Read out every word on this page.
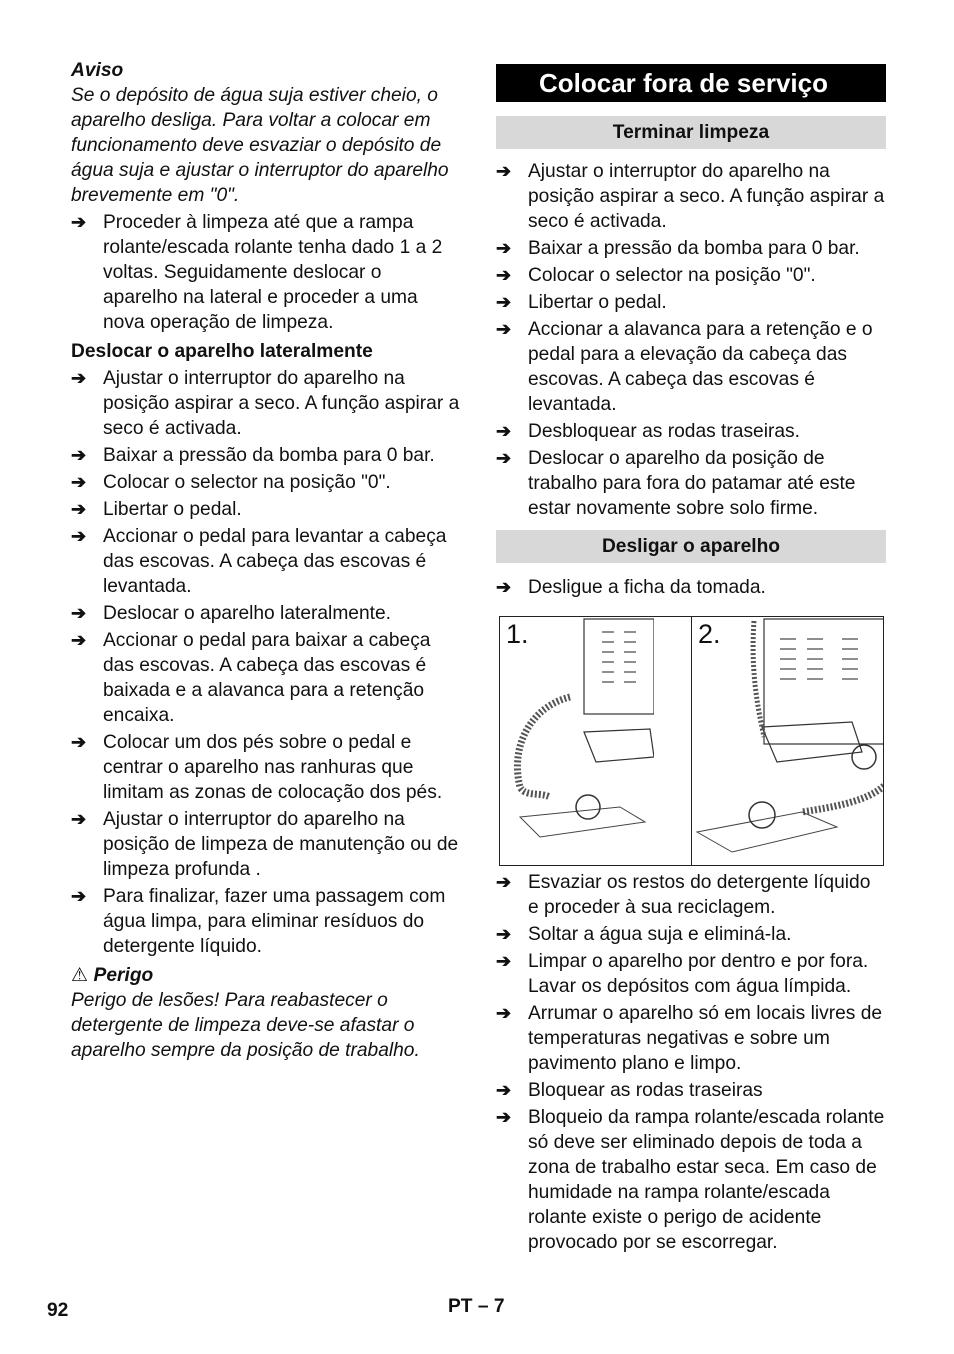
Aviso

Se o depósito de água suja estiver cheio, o aparelho desliga. Para voltar a colocar em funcionamento deve esvaziar o depósito de água suja e ajustar o interruptor do aparelho brevemente em "0".

➔ Proceder à limpeza até que a rampa rolante/escada rolante tenha dado 1 a 2 voltas. Seguidamente deslocar o aparelho na lateral e proceder a uma nova operação de limpeza.

Deslocar o aparelho lateralmente

➔ Ajustar o interruptor do aparelho na posição aspirar a seco. A função aspirar a seco é activada.
➔ Baixar a pressão da bomba para 0 bar.
➔ Colocar o selector na posição "0".
➔ Libertar o pedal.
➔ Accionar o pedal para levantar a cabeça das escovas. A cabeça das escovas é levantada.
➔ Deslocar o aparelho lateralmente.
➔ Accionar o pedal para baixar a cabeça das escovas. A cabeça das escovas é baixada e a alavanca para a retenção encaixa.
➔ Colocar um dos pés sobre o pedal e centrar o aparelho nas ranhuras que limitam as zonas de colocação dos pés.
➔ Ajustar o interruptor do aparelho na posição de limpeza de manutenção ou de limpeza profunda .
➔ Para finalizar, fazer uma passagem com água limpa, para eliminar resíduos do detergente líquido.

⚠ Perigo

Perigo de lesões! Para reabastecer o detergente de limpeza deve-se afastar o aparelho sempre da posição de trabalho.

Colocar fora de serviço
Terminar limpeza
➔ Ajustar o interruptor do aparelho na posição aspirar a seco. A função aspirar a seco é activada.
➔ Baixar a pressão da bomba para 0 bar.
➔ Colocar o selector na posição "0".
➔ Libertar o pedal.
➔ Accionar a alavanca para a retenção e o pedal para a elevação da cabeça das escovas. A cabeça das escovas é levantada.
➔ Desbloquear as rodas traseiras.
➔ Deslocar o aparelho da posição de trabalho para fora do patamar até este estar novamente sobre solo firme.
Desligar o aparelho
➔ Desligue a ficha da tomada.
1.	2.
➔ Esvaziar os restos do detergente líquido e proceder à sua reciclagem.
➔ Soltar a água suja e eliminá-la.
➔ Limpar o aparelho por dentro e por fora. Lavar os depósitos com água límpida.
➔ Arrumar o aparelho só em locais livres de temperaturas negativas e sobre um pavimento plano e limpo.
➔ Bloquear as rodas traseiras
➔ Bloqueio da rampa rolante/escada rolante só deve ser eliminado depois de toda a zona de trabalho estar seca. Em caso de humidade na rampa rolante/escada rolante existe o perigo de acidente provocado por se escorregar.
92	PT – 7
